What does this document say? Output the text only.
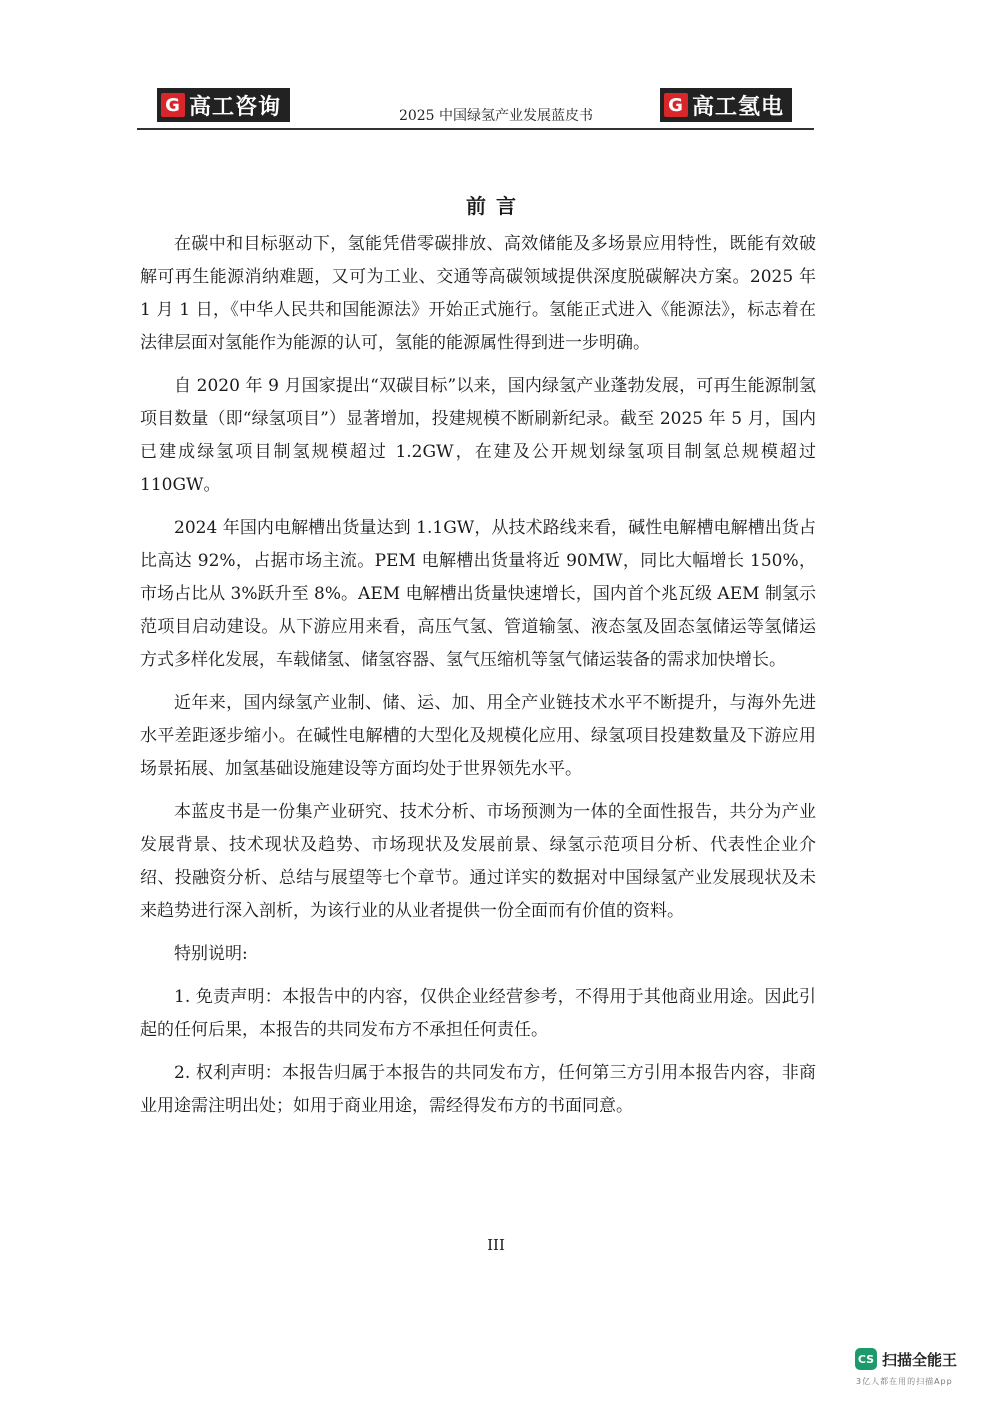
G 高工咨询	2025 中国绿氢产业发展蓝皮书
G 高工氢电
前言

在碳中和目标驱动下，氢能凭借零碳排放、高效储能及多场景应用特性，既能有效破解可再生能源消纳难题，又可为工业、交通等高碳领域提供深度脱碳解决方案。2025 年 1 月 1 日，《中华人民共和国能源法》开始正式施行。氢能正式进入《能源法》，标志着在法律层面对氢能作为能源的认可，氢能的能源属性得到进一步明确。

自 2020 年 9 月国家提出“双碳目标”以来，国内绿氢产业蓬勃发展，可再生能源制氢项目数量（即“绿氢项目”）显著增加，投建规模不断刷新纪录。截至 2025 年 5 月，国内已建成绿氢项目制氢规模超过 1.2GW，在建及公开规划绿氢项目制氢总规模超过 110GW。

2024 年国内电解槽出货量达到 1.1GW，从技术路线来看，碱性电解槽电解槽出货占比高达 92%，占据市场主流。PEM 电解槽出货量将近 90MW，同比大幅增长 150%，市场占比从 3%跃升至 8%。AEM 电解槽出货量快速增长，国内首个兆瓦级 AEM 制氢示范项目启动建设。从下游应用来看，高压气氢、管道输氢、液态氢及固态氢储运等氢储运方式多样化发展，车载储氢、储氢容器、氢气压缩机等氢气储运装备的需求加快增长。

近年来，国内绿氢产业制、储、运、加、用全产业链技术水平不断提升，与海外先进水平差距逐步缩小。在碱性电解槽的大型化及规模化应用、绿氢项目投建数量及下游应用场景拓展、加氢基础设施建设等方面均处于世界领先水平。

本蓝皮书是一份集产业研究、技术分析、市场预测为一体的全面性报告，共分为产业发展背景、技术现状及趋势、市场现状及发展前景、绿氢示范项目分析、代表性企业介绍、投融资分析、总结与展望等七个章节。通过详实的数据对中国绿氢产业发展现状及未来趋势进行深入剖析，为该行业的从业者提供一份全面而有价值的资料。

特别说明:

1. 免责声明：本报告中的内容，仅供企业经营参考，不得用于其他商业用途。因此引起的任何后果，本报告的共同发布方不承担任何责任。

2. 权利声明：本报告归属于本报告的共同发布方，任何第三方引用本报告内容，非商业用途需注明出处；如用于商业用途，需经得发布方的书面同意。

III
CS 扫描全能王
3亿人都在用的扫描App
